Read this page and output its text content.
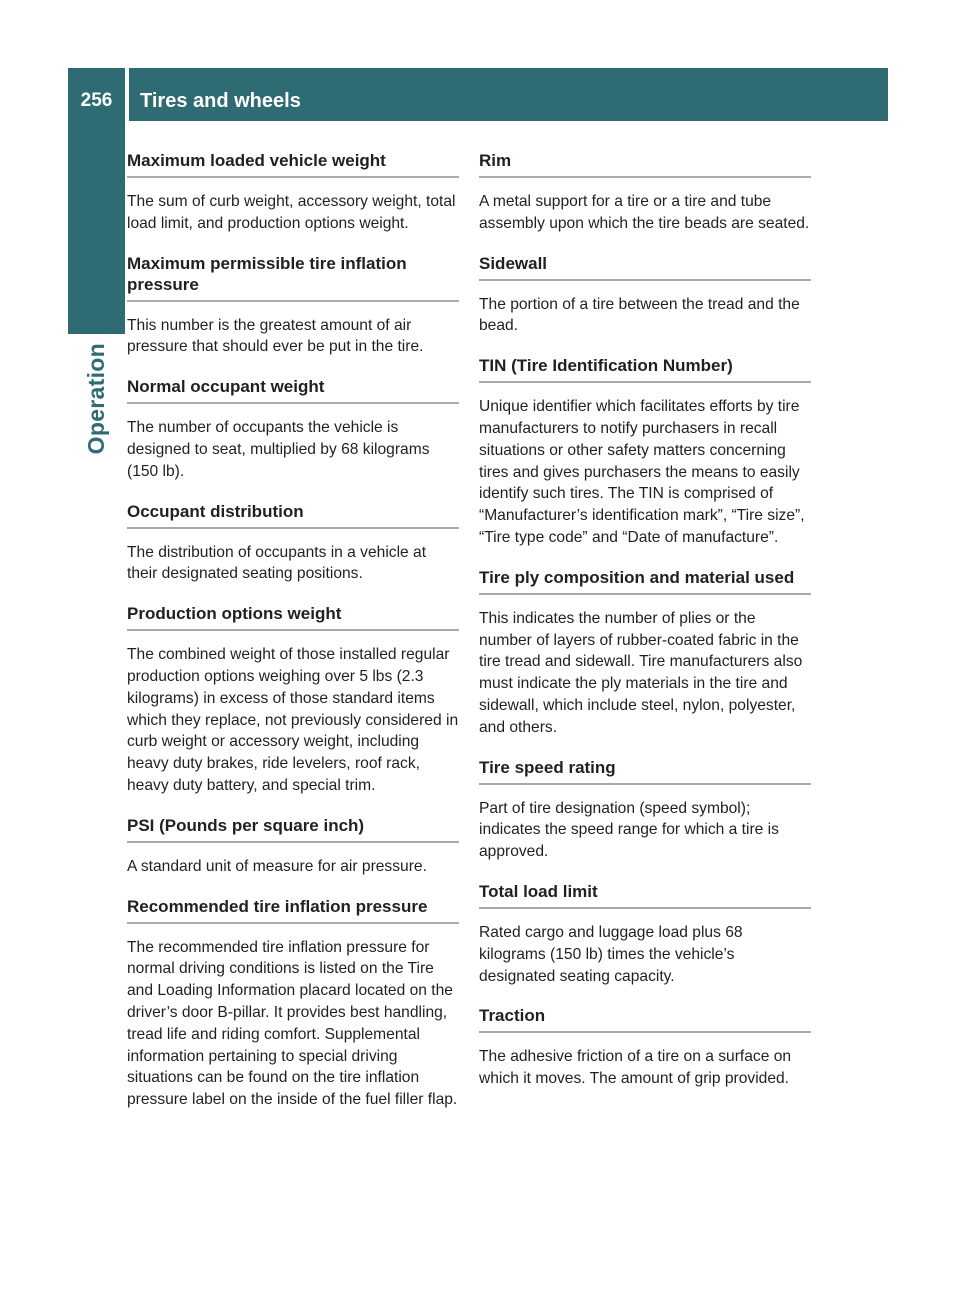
256	Tires and wheels
Operation
Maximum loaded vehicle weight

The sum of curb weight, accessory weight, total load limit, and production options weight.

Maximum permissible tire inflation pressure

This number is the greatest amount of air pressure that should ever be put in the tire.

Normal occupant weight

The number of occupants the vehicle is designed to seat, multiplied by 68 kilograms (150 lb).

Occupant distribution

The distribution of occupants in a vehicle at their designated seating positions.

Production options weight

The combined weight of those installed regular production options weighing over 5 lbs (2.3 kilograms) in excess of those standard items which they replace, not previously considered in curb weight or accessory weight, including heavy duty brakes, ride levelers, roof rack, heavy duty battery, and special trim.

PSI (Pounds per square inch)

A standard unit of measure for air pressure.

Recommended tire inflation pressure

The recommended tire inflation pressure for normal driving conditions is listed on the Tire and Loading Information placard located on the driver’s door B-pillar. It provides best handling, tread life and riding comfort. Supplemental information pertaining to special driving situations can be found on the tire inflation pressure label on the inside of the fuel filler flap.

Rim

A metal support for a tire or a tire and tube assembly upon which the tire beads are seated.

Sidewall

The portion of a tire between the tread and the bead.

TIN (Tire Identification Number)

Unique identifier which facilitates efforts by tire manufacturers to notify purchasers in recall situations or other safety matters concerning tires and gives purchasers the means to easily identify such tires. The TIN is comprised of “Manufacturer’s identification mark”, “Tire size”, “Tire type code” and “Date of manufacture”.

Tire ply composition and material used

This indicates the number of plies or the number of layers of rubber-coated fabric in the tire tread and sidewall. Tire manufacturers also must indicate the ply materials in the tire and sidewall, which include steel, nylon, polyester, and others.

Tire speed rating

Part of tire designation (speed symbol); indicates the speed range for which a tire is approved.

Total load limit

Rated cargo and luggage load plus 68 kilograms (150 lb) times the vehicle’s designated seating capacity.

Traction

The adhesive friction of a tire on a surface on which it moves. The amount of grip provided.
